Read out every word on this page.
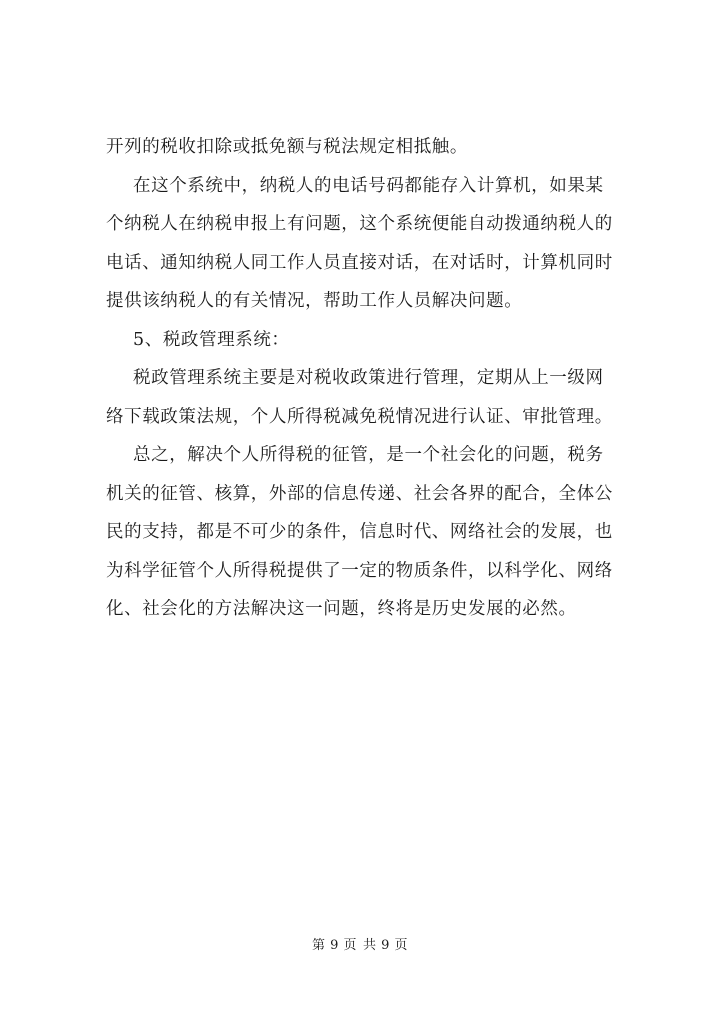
开列的税收扣除或抵免额与税法规定相抵触。
在这个系统中，纳税人的电话号码都能存入计算机，如果某
个纳税人在纳税申报上有问题，这个系统便能自动拨通纳税人的
电话、通知纳税人同工作人员直接对话，在对话时，计算机同时
提供该纳税人的有关情况，帮助工作人员解决问题。
5、税政管理系统：
税政管理系统主要是对税收政策进行管理，定期从上一级网
络下载政策法规，个人所得税减免税情况进行认证、审批管理。
总之，解决个人所得税的征管，是一个社会化的问题，税务
机关的征管、核算，外部的信息传递、社会各界的配合，全体公
民的支持，都是不可少的条件，信息时代、网络社会的发展，也
为科学征管个人所得税提供了一定的物质条件，以科学化、网络
化、社会化的方法解决这一问题，终将是历史发展的必然。
第 9 页 共 9 页
